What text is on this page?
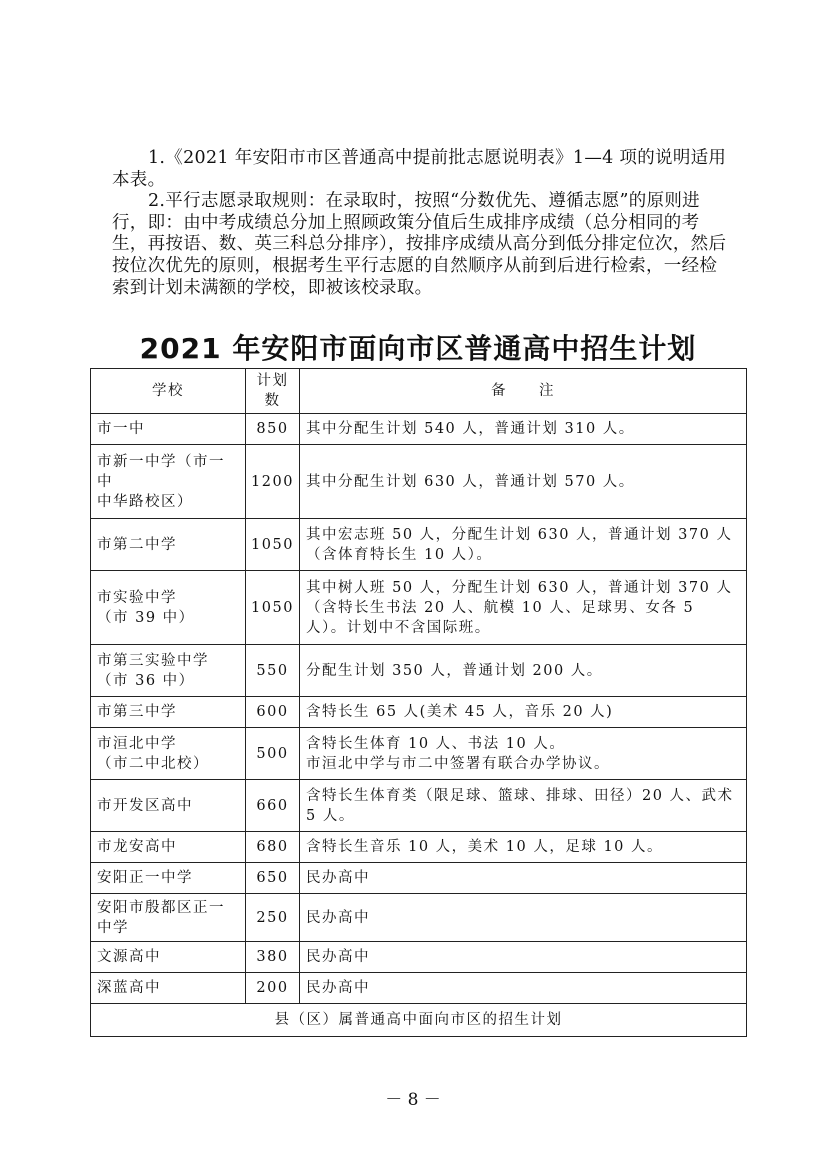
1.《2021 年安阳市市区普通高中提前批志愿说明表》1—4 项的说明适用本表。

2.平行志愿录取规则：在录取时，按照“分数优先、遵循志愿”的原则进行，即：由中考成绩总分加上照顾政策分值后生成排序成绩（总分相同的考生，再按语、数、英三科总分排序），按排序成绩从高分到低分排定位次，然后按位次优先的原则，根据考生平行志愿的自然顺序从前到后进行检索，一经检索到计划未满额的学校，即被该校录取。

2021 年安阳市面向市区普通高中招生计划
学校	计划数	备　　注
市一中	850	其中分配生计划 540 人，普通计划 310 人。
市新一中学（市一中
中华路校区）	1200	其中分配生计划 630 人，普通计划 570 人。
市第二中学	1050	其中宏志班 50 人，分配生计划 630 人，普通计划 370 人（含体育特长生 10 人）。
市实验中学
（市 39 中）	1050	其中树人班 50 人，分配生计划 630 人，普通计划 370 人（含特长生书法 20 人、航模 10 人、足球男、女各 5 人）。计划中不含国际班。
市第三实验中学
（市 36 中）	550	分配生计划 350 人，普通计划 200 人。
市第三中学	600	含特长生 65 人(美术 45 人，音乐 20 人)
市洹北中学
（市二中北校）	500	含特长生体育 10 人、书法 10 人。
市洹北中学与市二中签署有联合办学协议。
市开发区高中	660	含特长生体育类（限足球、篮球、排球、田径）20 人、武术 5 人。
市龙安高中	680	含特长生音乐 10 人，美术 10 人，足球 10 人。
安阳正一中学	650	民办高中
安阳市殷都区正一中学	250	民办高中
文源高中	380	民办高中
深蓝高中	200	民办高中
县（区）属普通高中面向市区的招生计划		
－ 8 －
